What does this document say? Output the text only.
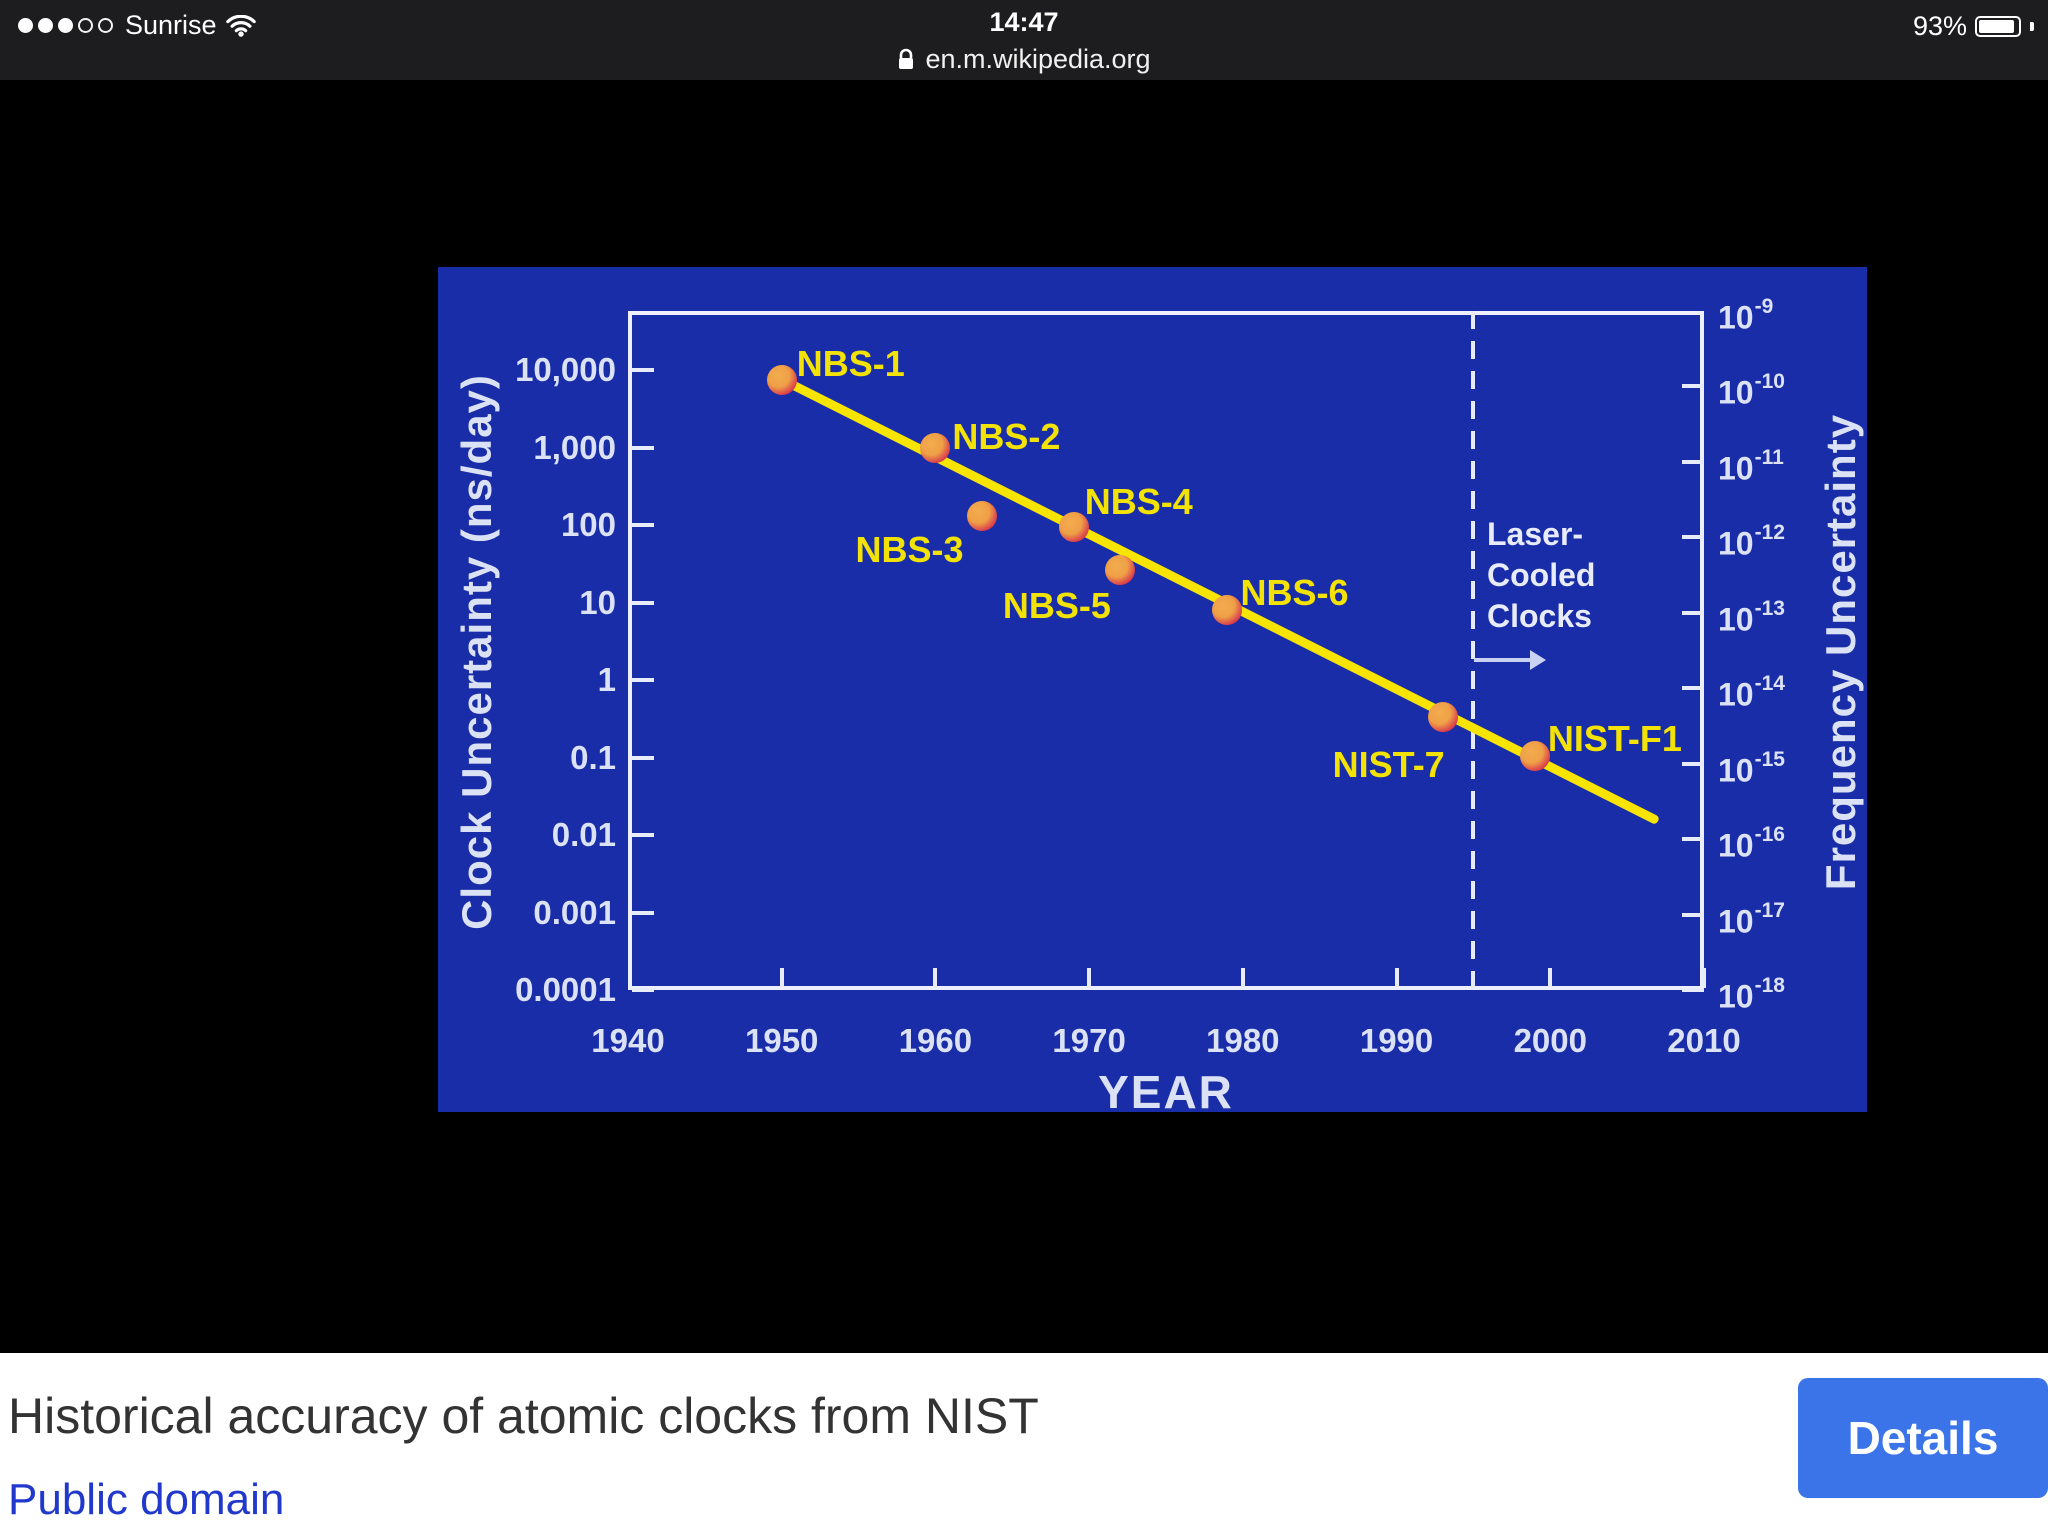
Sunrise	14:47
en.m.wikipedia.org
93%
Clock Uncertainty (ns/day)	Frequency Uncertainty
YEAR
Laser-
Cooled
Clocks
10,000
1,000
100
10
1
0.1
0.01
0.001
0.0001
$10^{-9}$
$10^{-10}$
$10^{-11}$
$10^{-12}$
$10^{-13}$
$10^{-14}$
$10^{-15}$
$10^{-16}$
$10^{-17}$
$10^{-18}$
1940	1950	1960	1970	1980	1990	2000	2010
NBS-1
NBS-2
NBS-3
NBS-4
NBS-5	NBS-6
NIST-7
NIST-F1
Historical accuracy of atomic clocks from NIST
Public domain
Details
